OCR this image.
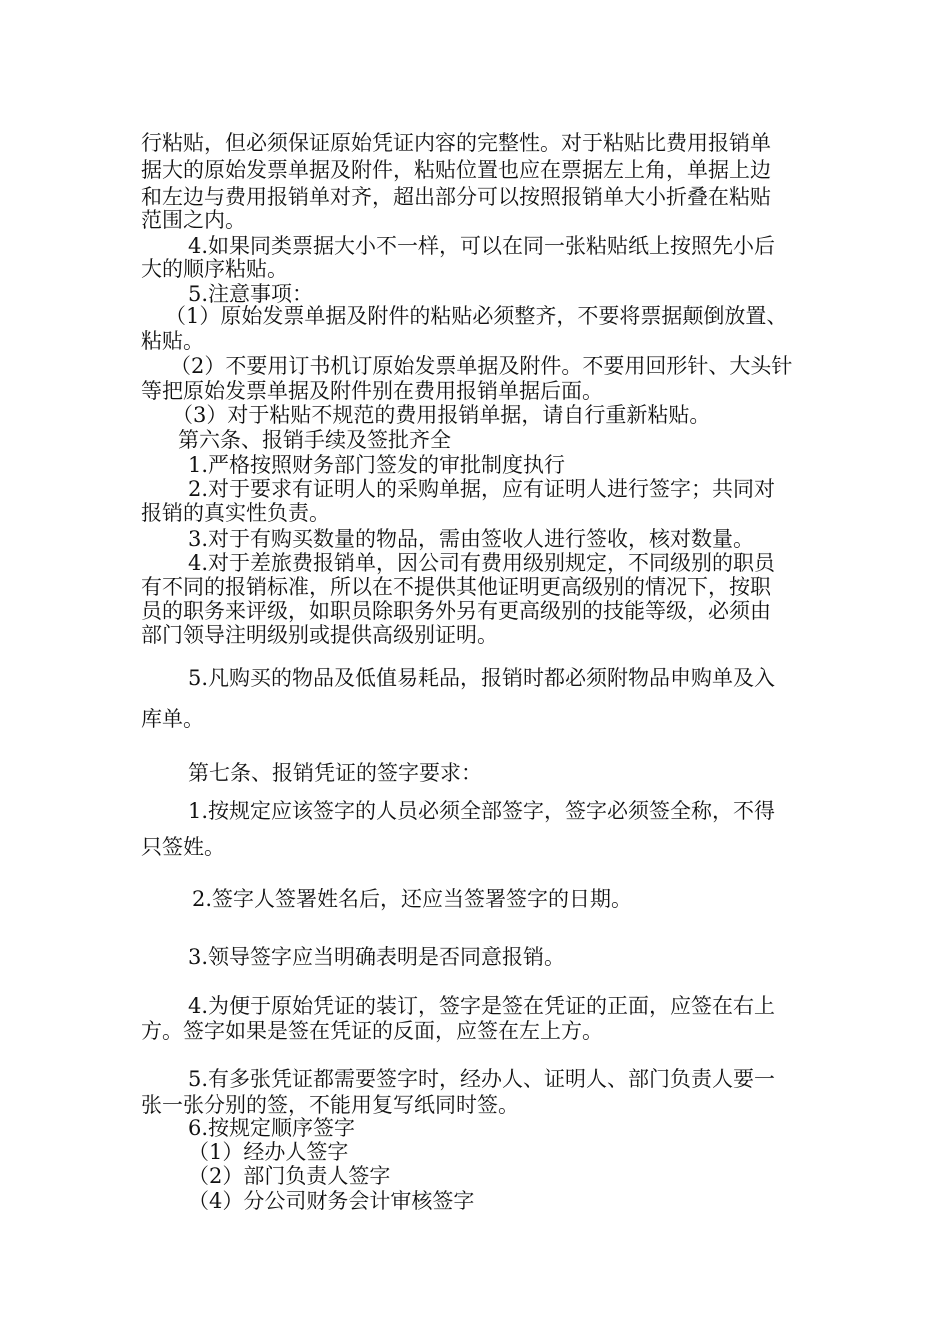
行粘贴，但必须保证原始凭证内容的完整性。对于粘贴比费用报销单
据大的原始发票单据及附件，粘贴位置也应在票据左上角，单据上边
和左边与费用报销单对齐，超出部分可以按照报销单大小折叠在粘贴
范围之内。
4.如果同类票据大小不一样，可以在同一张粘贴纸上按照先小后
大的顺序粘贴。
5.注意事项：
（1）原始发票单据及附件的粘贴必须整齐，不要将票据颠倒放置、
粘贴。
（2）不要用订书机订原始发票单据及附件。不要用回形针、大头针
等把原始发票单据及附件别在费用报销单据后面。
（3）对于粘贴不规范的费用报销单据，请自行重新粘贴。
第六条、报销手续及签批齐全
1.严格按照财务部门签发的审批制度执行
2.对于要求有证明人的采购单据，应有证明人进行签字；共同对
报销的真实性负责。
3.对于有购买数量的物品，需由签收人进行签收，核对数量。
4.对于差旅费报销单，因公司有费用级别规定，不同级别的职员
有不同的报销标准，所以在不提供其他证明更高级别的情况下，按职
员的职务来评级，如职员除职务外另有更高级别的技能等级，必须由
部门领导注明级别或提供高级别证明。
5.凡购买的物品及低值易耗品，报销时都必须附物品申购单及入
库单。
第七条、报销凭证的签字要求：
1.按规定应该签字的人员必须全部签字，签字必须签全称，不得
只签姓。
2.签字人签署姓名后，还应当签署签字的日期。
3.领导签字应当明确表明是否同意报销。
4.为便于原始凭证的装订，签字是签在凭证的正面，应签在右上
方。签字如果是签在凭证的反面，应签在左上方。
5.有多张凭证都需要签字时，经办人、证明人、部门负责人要一
张一张分别的签，不能用复写纸同时签。
6.按规定顺序签字
（1）经办人签字
（2）部门负责人签字
（4）分公司财务会计审核签字
